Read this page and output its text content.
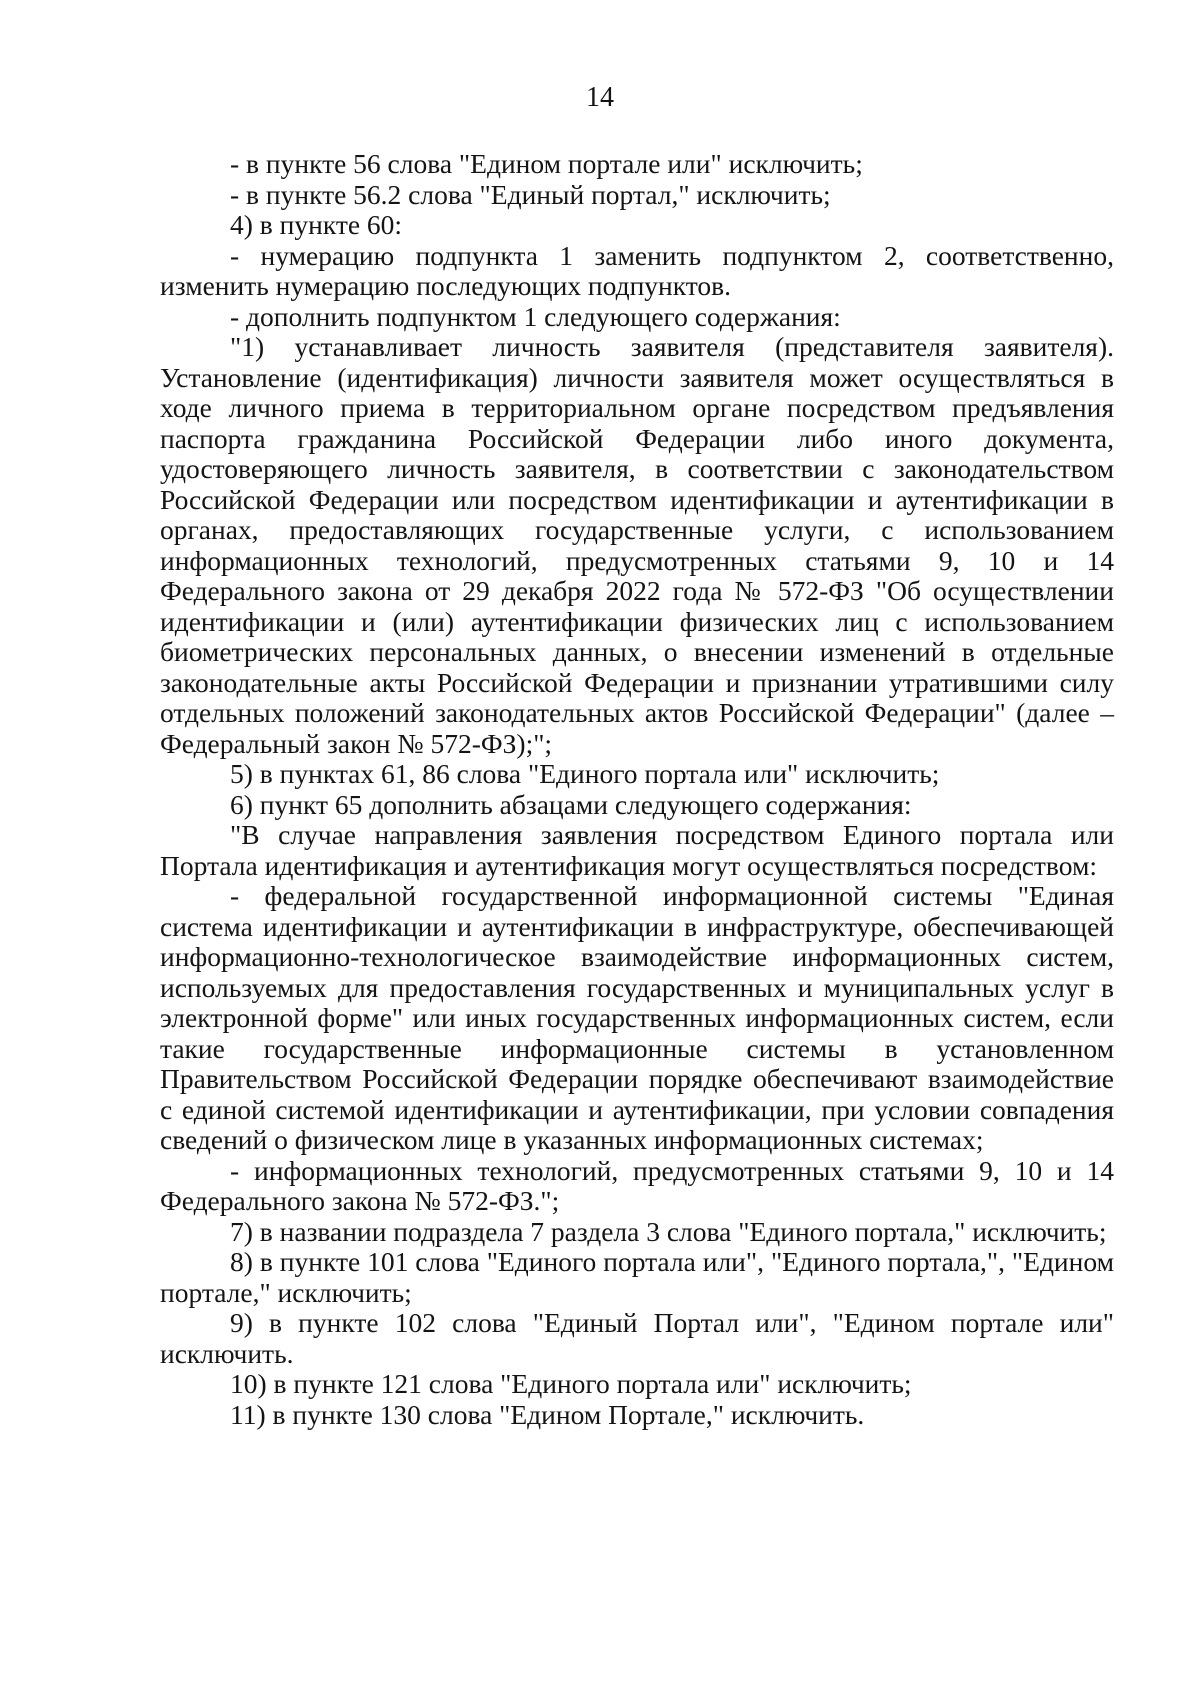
14

- в пункте 56 слова "Едином портале или" исключить;

- в пункте 56.2 слова "Единый портал," исключить;

4) в пункте 60:

- нумерацию подпункта 1 заменить подпунктом 2, соответственно, изменить нумерацию последующих подпунктов.

- дополнить подпунктом 1 следующего содержания:

"1) устанавливает личность заявителя (представителя заявителя). Установление (идентификация) личности заявителя может осуществляться в ходе личного приема в территориальном органе посредством предъявления паспорта гражданина Российской Федерации либо иного документа, удостоверяющего личность заявителя, в соответствии с законодательством Российской Федерации или посредством идентификации и аутентификации в органах, предоставляющих государственные услуги, с использованием информационных технологий, предусмотренных статьями 9, 10 и 14 Федерального закона от 29 декабря 2022 года № 572-ФЗ "Об осуществлении идентификации и (или) аутентификации физических лиц с использованием биометрических персональных данных, о внесении изменений в отдельные законодательные акты Российской Федерации и признании утратившими силу отдельных положений законодательных актов Российской Федерации" (далее – Федеральный закон № 572-ФЗ);";

5) в пунктах 61, 86 слова "Единого портала или" исключить;

6) пункт 65 дополнить абзацами следующего содержания:

"В случае направления заявления посредством Единого портала или Портала идентификация и аутентификация могут осуществляться посредством:

- федеральной государственной информационной системы "Единая система идентификации и аутентификации в инфраструктуре, обеспечивающей информационно-технологическое взаимодействие информационных систем, используемых для предоставления государственных и муниципальных услуг в электронной форме" или иных государственных информационных систем, если такие государственные информационные системы в установленном Правительством Российской Федерации порядке обеспечивают взаимодействие с единой системой идентификации и аутентификации, при условии совпадения сведений о физическом лице в указанных информационных системах;

- информационных технологий, предусмотренных статьями 9, 10 и 14 Федерального закона № 572-ФЗ.";

7) в названии подраздела 7 раздела 3 слова "Единого портала," исключить;

8) в пункте 101 слова "Единого портала или", "Единого портала,", "Едином портале," исключить;

9) в пункте 102 слова "Единый Портал или", "Едином портале или" исключить.

10) в пункте 121 слова "Единого портала или" исключить;

11) в пункте 130 слова "Едином Портале," исключить.
